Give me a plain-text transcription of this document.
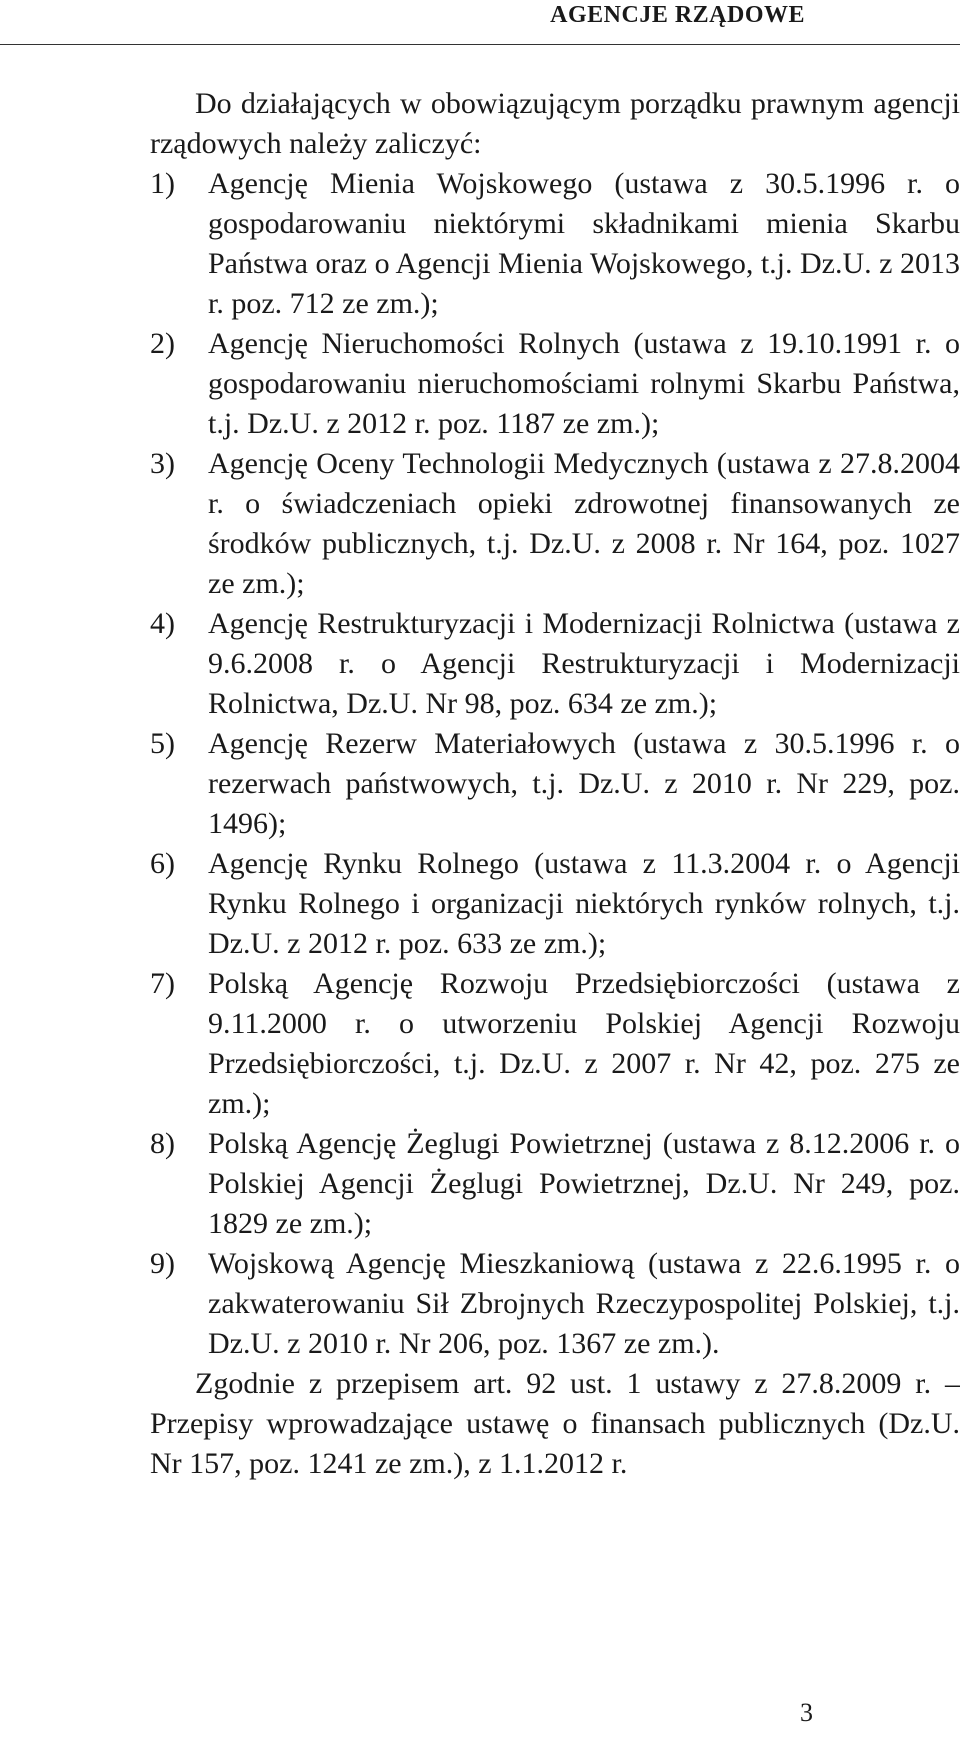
AGENCJE RZĄDOWE

Do działających w obowiązującym porządku prawnym agencji rządowych należy zaliczyć:

1)	Agencję Mienia Wojskowego (ustawa z 30.5.1996 r. o gospodarowaniu niektórymi składnikami mienia Skarbu Państwa oraz o Agencji Mienia Wojskowego, t.j. Dz.U. z 2013 r. poz. 712 ze zm.);
2)	Agencję Nieruchomości Rolnych (ustawa z 19.10.1991 r. o gospodarowaniu nieruchomościami rolnymi Skarbu Państwa, t.j. Dz.U. z 2012 r. poz. 1187 ze zm.);
3)	Agencję Oceny Technologii Medycznych (ustawa z 27.8.2004 r. o świadczeniach opieki zdrowotnej finansowanych ze środków publicznych, t.j. Dz.U. z 2008 r. Nr 164, poz. 1027 ze zm.);
4)	Agencję Restrukturyzacji i Modernizacji Rolnictwa (ustawa z 9.6.2008 r. o Agencji Restrukturyzacji i Modernizacji Rolnictwa, Dz.U. Nr 98, poz. 634 ze zm.);
5)	Agencję Rezerw Materiałowych (ustawa z 30.5.1996 r. o rezerwach państwowych, t.j. Dz.U. z 2010 r. Nr 229, poz. 1496);
6)	Agencję Rynku Rolnego (ustawa z 11.3.2004 r. o Agencji Rynku Rolnego i organizacji niektórych rynków rolnych, t.j. Dz.U. z 2012 r. poz. 633 ze zm.);
7)	Polską Agencję Rozwoju Przedsiębiorczości (ustawa z 9.11.2000 r. o utworzeniu Polskiej Agencji Rozwoju Przedsiębiorczości, t.j. Dz.U. z 2007 r. Nr 42, poz. 275 ze zm.);
8)	Polską Agencję Żeglugi Powietrznej (ustawa z 8.12.2006 r. o Polskiej Agencji Żeglugi Powietrznej, Dz.U. Nr 249, poz. 1829 ze zm.);
9)	Wojskową Agencję Mieszkaniową (ustawa z 22.6.1995 r. o zakwaterowaniu Sił Zbrojnych Rzeczypospolitej Polskiej, t.j. Dz.U. z 2010 r. Nr 206, poz. 1367 ze zm.).

Zgodnie z przepisem art. 92 ust. 1 ustawy z 27.8.2009 r. – Przepisy wprowadzające ustawę o finansach publicznych (Dz.U. Nr 157, poz. 1241 ze zm.), z 1.1.2012 r.

3
